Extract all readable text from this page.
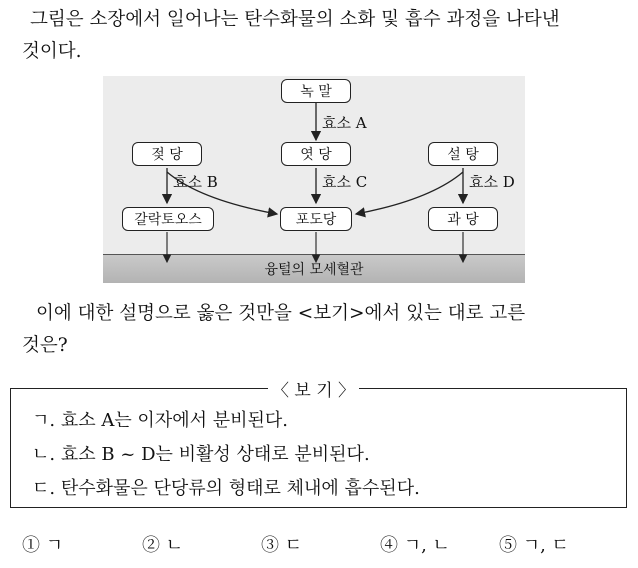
그림은 소장에서 일어나는 탄수화물의 소화 및 흡수 과정을 나타낸
것이다.
융털의 모세혈관
녹 말
엿 당
젖 당	설 탕
갈락토오스	포도당	과 당
효소 A
효소 B	효소 C	효소 D
이에 대한 설명으로 옳은 것만을 <보기>에서 있는 대로 고른
것은?
〈 보 기 〉
ㄱ. 효소 A는 이자에서 분비된다.
ㄴ. 효소 B ~ D는 비활성 상태로 분비된다.
ㄷ. 탄수화물은 단당류의 형태로 체내에 흡수된다.
① ㄱ	② ㄴ	③ ㄷ	④ ㄱ, ㄴ	⑤ ㄱ, ㄷ
